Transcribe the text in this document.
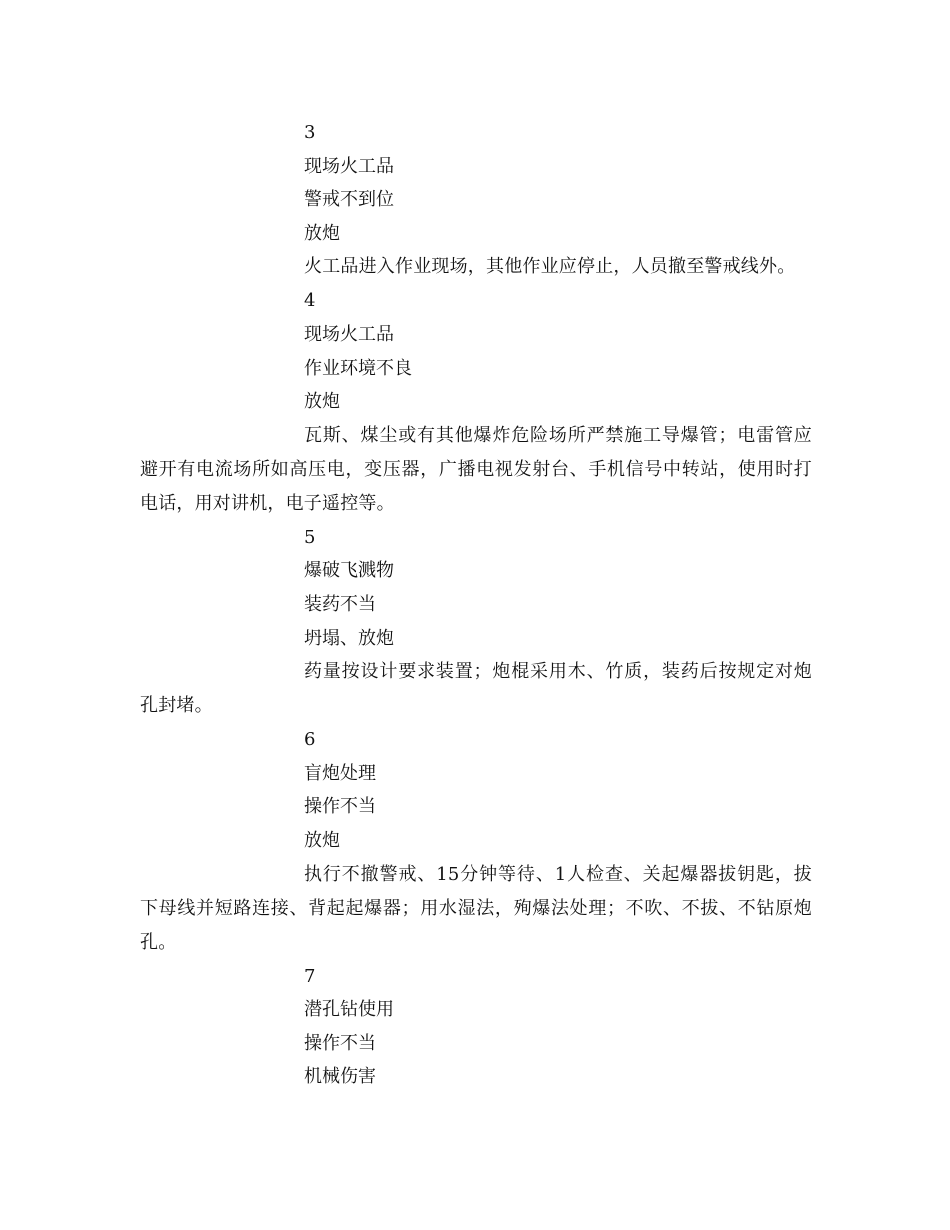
3
现场火工品
警戒不到位
放炮

火工品进入作业现场，其他作业应停止，人员撤至警戒线外。

4
现场火工品
作业环境不良
放炮

瓦斯、煤尘或有其他爆炸危险场所严禁施工导爆管；电雷管应避开有电流场所如高压电，变压器，广播电视发射台、手机信号中转站，使用时打电话，用对讲机，电子遥控等。

5
爆破飞溅物
装药不当
坍塌、放炮

药量按设计要求装置；炮棍采用木、竹质，装药后按规定对炮孔封堵。

6
盲炮处理
操作不当
放炮

执行不撤警戒、15分钟等待、1人检查、关起爆器拔钥匙，拔下母线并短路连接、背起起爆器；用水湿法，殉爆法处理；不吹、不拔、不钻原炮孔。

7
潜孔钻使用
操作不当
机械伤害
